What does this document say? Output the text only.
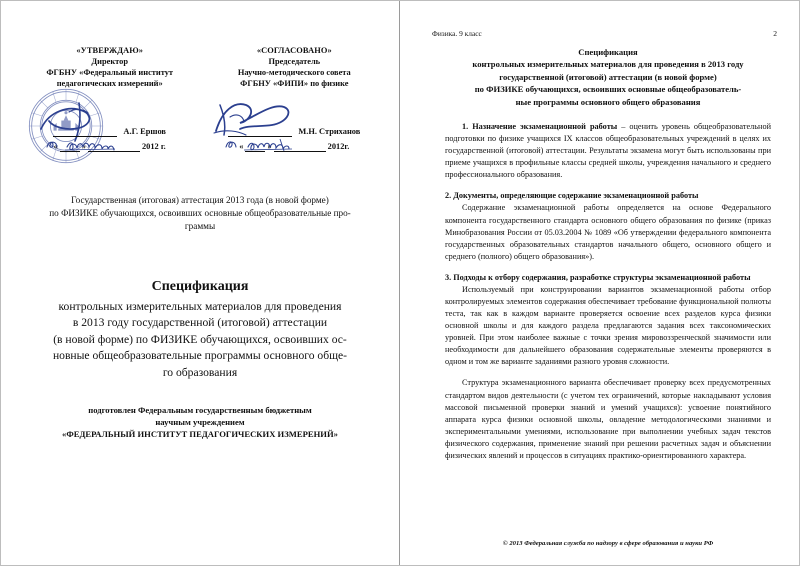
«УТВЕРЖДАЮ»
Директор
ФГБНУ «Федеральный институт
педагогических измерений»
А.Г. Ершов
«	»	2012 г.
«СОГЛАСОВАНО»
Председатель
Научно-методического совета
ФГБНУ «ФИПИ» по физике
М.Н. Стриханов
«	»	2012г.
Государственная (итоговая) аттестация 2013 года (в новой форме)
по ФИЗИКЕ обучающихся, освоивших основные общеобразовательные про-
граммы
Спецификация
контрольных измерительных материалов для проведения
в 2013 году государственной (итоговой) аттестации
(в новой форме) по ФИЗИКЕ обучающихся, освоивших ос-
новные общеобразовательные программы основного обще-
го образования
подготовлен Федеральным государственным бюджетным
научным учреждением
«ФЕДЕРАЛЬНЫЙ ИНСТИТУТ ПЕДАГОГИЧЕСКИХ ИЗМЕРЕНИЙ»
Физика. 9 класс	2
Спецификация
контрольных измерительных материалов для проведения в 2013 году
государственной (итоговой) аттестации (в новой форме)
по ФИЗИКЕ обучающихся, освоивших основные общеобразователь-
ные программы основного общего образования

1. Назначение экзаменационной работы – оценить уровень общеобразовательной подготовки по физике учащихся IX классов общеобразовательных учреждений в целях их государственной (итоговой) аттестации. Результаты экзамена могут быть использованы при приеме учащихся в профильные классы средней школы, учреждения начального и среднего профессионального образования.

2. Документы, определяющие содержание экзаменационной работы

Содержание экзаменационной работы определяется на основе Федерального компонента государственного стандарта основного общего образования по физике (приказ Минобразования России от 05.03.2004 № 1089 «Об утверждении федерального компонента государственных образовательных стандартов начального общего, основного общего и среднего (полного) общего образования»).

3. Подходы к отбору содержания, разработке структуры экзаменационной работы

Используемый при конструировании вариантов экзаменационной работы отбор контролируемых элементов содержания обеспечивает требование функциональной полноты теста, так как в каждом варианте проверяется освоение всех разделов курса физики основной школы и для каждого раздела предлагаются задания всех таксономических уровней. При этом наиболее важные с точки зрения мировоззренческой значимости или необходимости для дальнейшего образования содержательные элементы проверяются в одном и том же варианте заданиями разного уровня сложности.

Структура экзаменационного варианта обеспечивает проверку всех предусмотренных стандартом видов деятельности (с учетом тех ограничений, которые накладывают условия массовой письменной проверки знаний и умений учащихся): усвоение понятийного аппарата курса физики основной школы, овладение методологическими знаниями и экспериментальными умениями, использование при выполнении учебных задач текстов физического содержания, применение знаний при решении расчетных задач и объяснении физических явлений и процессов в ситуациях практико-ориентированного характера.

© 2013 Федеральная служба по надзору в сфере образования и науки РФ
